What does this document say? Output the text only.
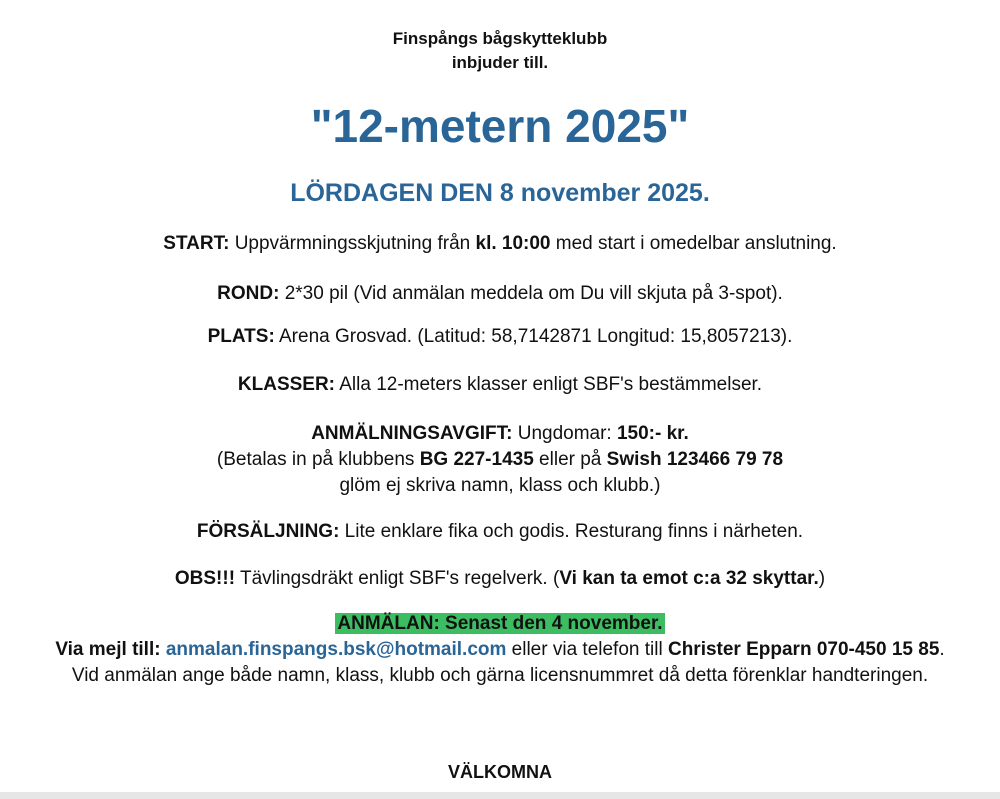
Finspångs bågskytteklubb
inbjuder till.
"12-metern 2025"
LÖRDAGEN DEN 8 november 2025.
START: Uppvärmningsskjutning från kl. 10:00 med start i omedelbar anslutning.
ROND: 2*30 pil (Vid anmälan meddela om Du vill skjuta på 3-spot).
PLATS: Arena Grosvad. (Latitud: 58,7142871 Longitud: 15,8057213).
KLASSER: Alla 12-meters klasser enligt SBF's bestämmelser.
ANMÄLNINGSAVGIFT: Ungdomar: 150:- kr.
(Betalas in på klubbens BG 227-1435 eller på Swish 123466 79 78
glöm ej skriva namn, klass och klubb.)
FÖRSÄLJNING: Lite enklare fika och godis. Resturang finns i närheten.
OBS!!! Tävlingsdräkt enligt SBF's regelverk. (Vi kan ta emot c:a 32 skyttar.)
ANMÄLAN: Senast den 4 november.
Via mejl till: anmalan.finspangs.bsk@hotmail.com eller via telefon till Christer Epparn 070-450 15 85.
Vid anmälan ange både namn, klass, klubb och gärna licensnummret då detta förenklar handteringen.
VÄLKOMNA
